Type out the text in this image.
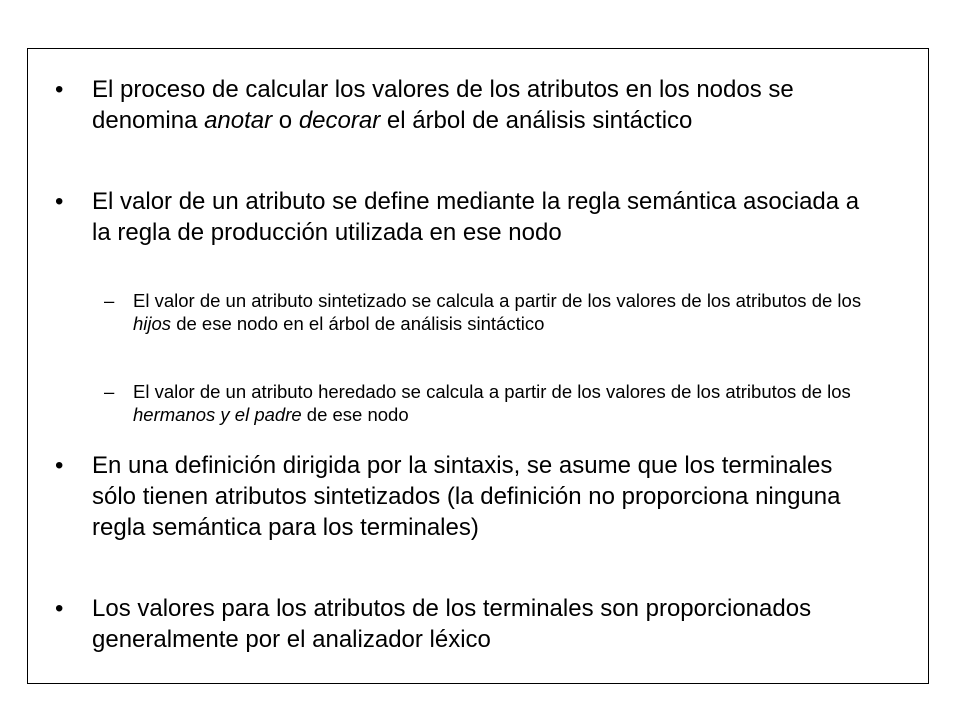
• El proceso de calcular los valores de los atributos en los nodos se denomina anotar o decorar el árbol de análisis sintáctico
• El valor de un atributo se define mediante la regla semántica asociada a la regla de producción utilizada en ese nodo
– El valor de un atributo sintetizado se calcula a partir de los valores de los atributos de los hijos de ese nodo en el árbol de análisis sintáctico
– El valor de un atributo heredado se calcula a partir de los valores de los atributos de los hermanos y el padre de ese nodo
• En una definición dirigida por la sintaxis, se asume que los terminales sólo tienen atributos sintetizados (la definición no proporciona ninguna regla semántica para los terminales)
• Los valores para los atributos de los terminales son proporcionados generalmente por el analizador léxico
